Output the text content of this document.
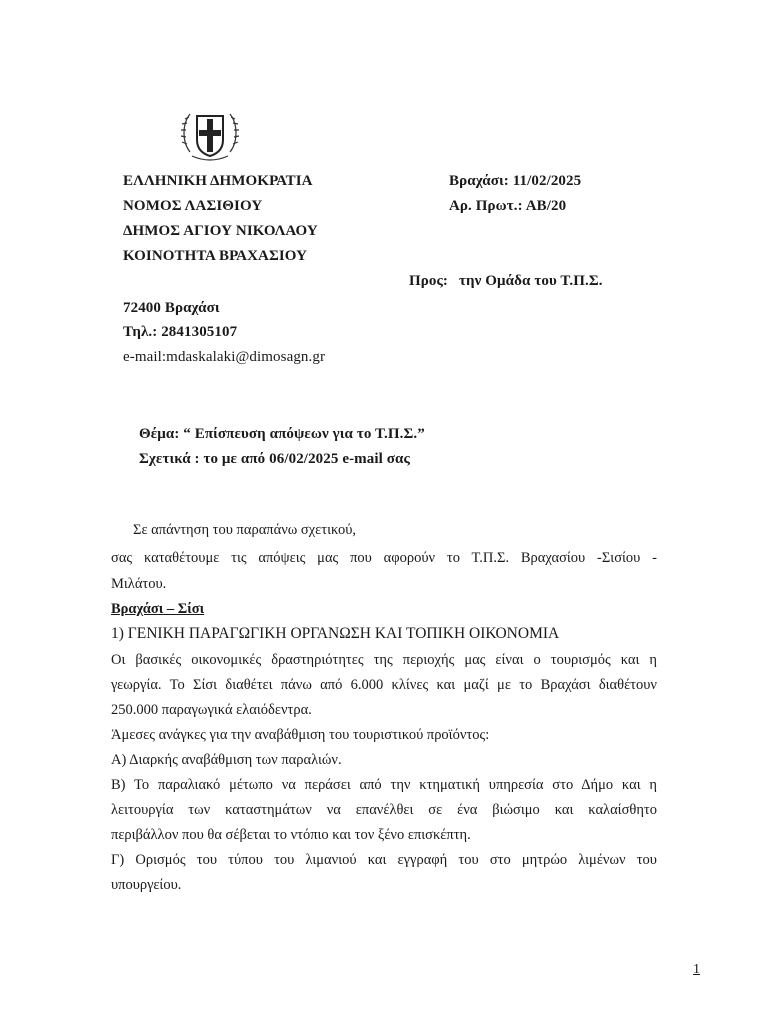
ΕΛΛΗΝΙΚΗ ΔΗΜΟΚΡΑΤΙΑ
ΝΟΜΟΣ ΛΑΣΙΘΙΟΥ
ΔΗΜΟΣ ΑΓΙΟΥ ΝΙΚΟΛΑΟΥ
ΚΟΙΝΟΤΗΤΑ ΒΡΑΧΑΣΙΟΥ
Βραχάσι: 11/02/2025
Αρ. Πρωτ.: ΑΒ/20
Προς: την Ομάδα του Τ.Π.Σ.
72400 Βραχάσι
Τηλ.: 2841305107
e-mail:mdaskalaki@dimosagn.gr
Θέμα: “ Επίσπευση απόψεων για το Τ.Π.Σ.”
Σχετικά : το με από 06/02/2025 e-mail σας
Σε απάντηση του παραπάνω σχετικού,
σας καταθέτουμε τις απόψεις μας που αφορούν το Τ.Π.Σ. Βραχασίου -Σισίου -
Μιλάτου.
Βραχάσι – Σίσι
1) ΓΕΝΙΚΗ ΠΑΡΑΓΩΓΙΚΗ ΟΡΓΑΝΩΣΗ ΚΑΙ ΤΟΠΙΚΗ ΟΙΚΟΝΟΜΙΑ
Οι βασικές οικονομικές δραστηριότητες της περιοχής μας είναι ο τουρισμός και η
γεωργία. Το Σίσι διαθέτει πάνω από 6.000 κλίνες και μαζί με το Βραχάσι διαθέτουν
250.000 παραγωγικά ελαιόδεντρα.
Άμεσες ανάγκες για την αναβάθμιση του τουριστικού προϊόντος:
Α) Διαρκής αναβάθμιση των παραλιών.
Β) Το παραλιακό μέτωπο να περάσει από την κτηματική υπηρεσία στο Δήμο και η
λειτουργία των καταστημάτων να επανέλθει σε ένα βιώσιμο και καλαίσθητο
περιβάλλον που θα σέβεται το ντόπιο και τον ξένο επισκέπτη.
Γ) Ορισμός του τύπου του λιμανιού και εγγραφή του στο μητρώο λιμένων του
υπουργείου.
1
